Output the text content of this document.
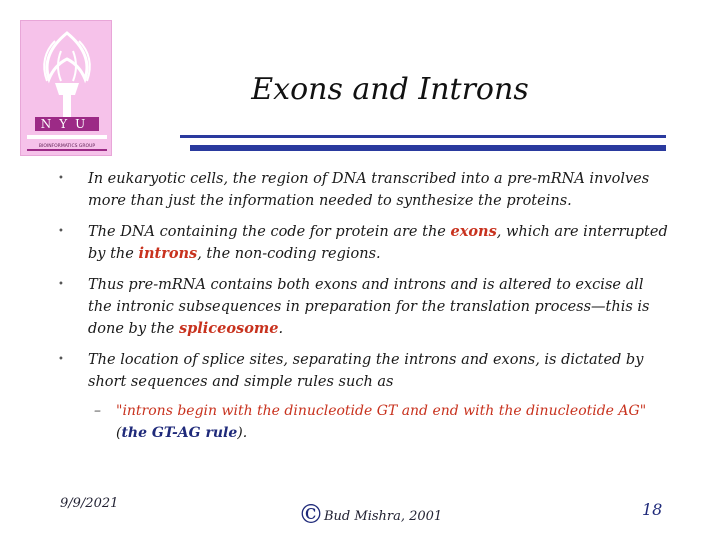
NYU
BIOINFORMATICS GROUP
Exons and Introns
• In eukaryotic cells, the region of DNA transcribed into a pre-mRNA involves more than just the information needed to synthesize the proteins.
• The DNA containing the code for protein are the exons, which are interrupted by the introns, the non-coding regions.
• Thus pre-mRNA contains both exons and introns and is altered to excise all the intronic subsequences in preparation for the translation process—this is done by the spliceosome.
• The location of splice sites, separating the introns and exons, is dictated by short sequences and simple rules such as
– "introns begin with the dinucleotide GT and end with the dinucleotide AG" (the GT-AG rule).
9/9/2021	©Bud Mishra, 2001	18
